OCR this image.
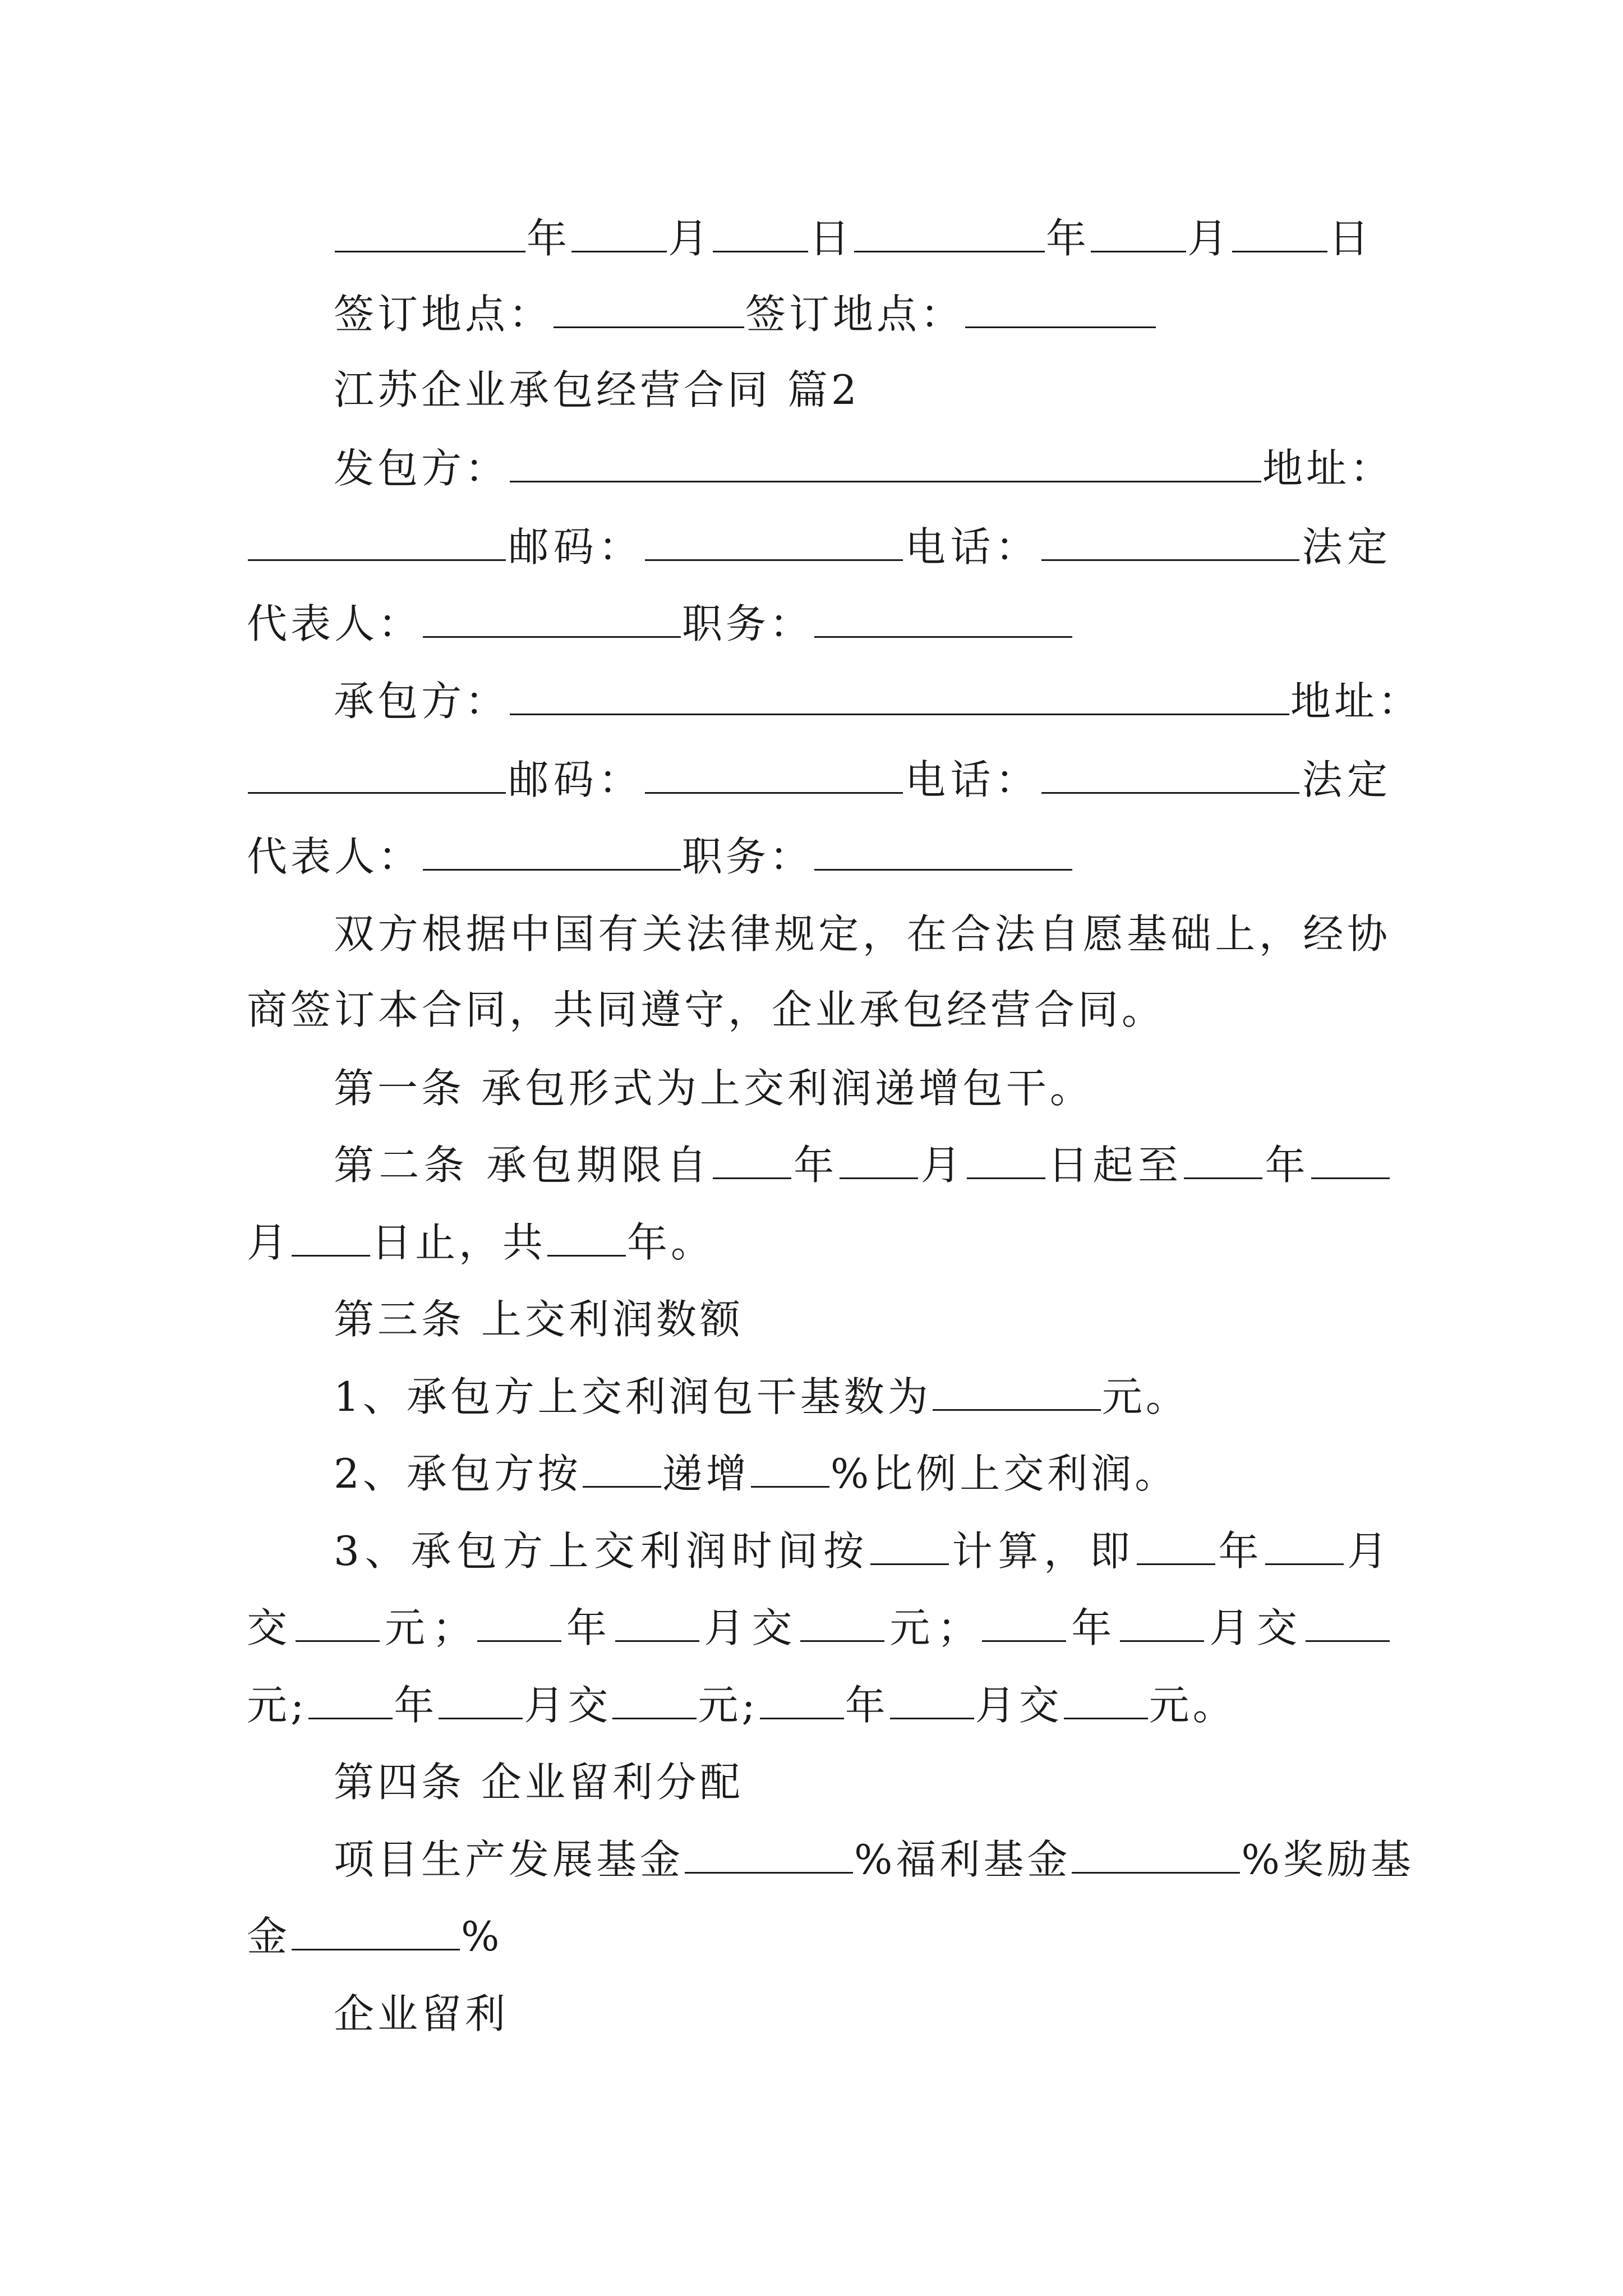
年 月 日	年 月 日
签订地点：	签订地点：
江苏企业承包经营合同 篇2
发包方：	地址：
邮码：	电话：	法定
代表人：	职务：
承包方：	地址：
邮码：	电话：	法定
代表人：	职务：
双方根据中国有关法律规定，在合法自愿基础上，经协
商签订本合同，共同遵守，企业承包经营合同。
第一条 承包形式为上交利润递增包干。
第二条 承包期限自 年 月 日起至 年
月 日止，共 年。
第三条 上交利润数额
1、承包方上交利润包干基数为	元。
2、承包方按 递增 %比例上交利润。
3、承包方上交利润时间按 计算，即 年 月
交 元； 年 月交 元； 年 月交
元; 年 月交 元; 年 月交 元。
第四条 企业留利分配
项目生产发展基金	%福利基金	%奖励基
金	%
企业留利
